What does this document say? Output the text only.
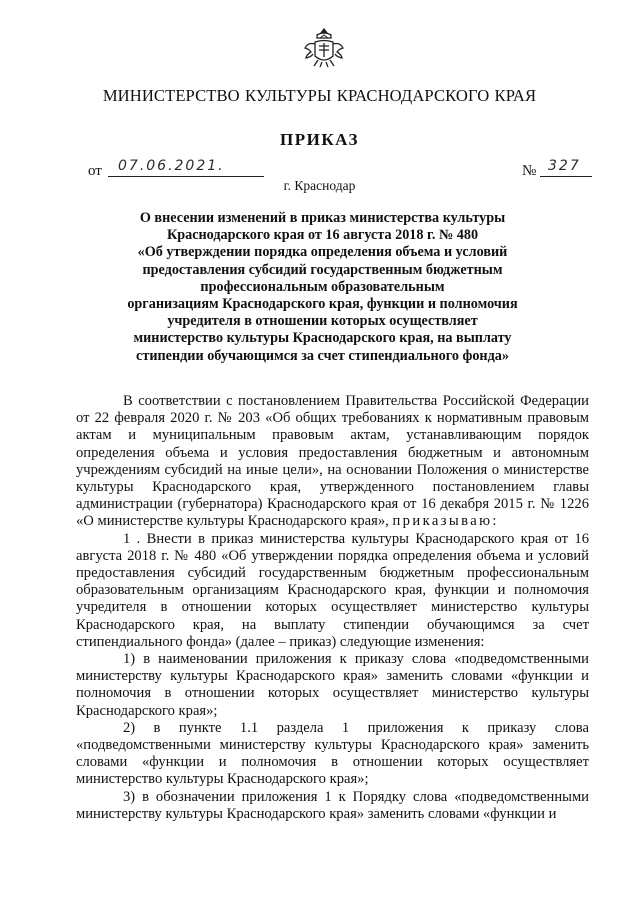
МИНИСТЕРСТВО КУЛЬТУРЫ КРАСНОДАРСКОГО КРАЯ
ПРИКАЗ
от 07.06.2021.	№ 327
г. Краснодар
О внесении изменений в приказ министерства культуры
Краснодарского края от 16 августа 2018 г. № 480
«Об утверждении порядка определения объема и условий
предоставления субсидий государственным бюджетным
профессиональным образовательным
организациям Краснодарского края, функции и полномочия
учредителя в отношении которых осуществляет
министерство культуры Краснодарского края, на выплату
стипендии обучающимся за счет стипендиального фонда»

В соответствии с постановлением Правительства Российской Федерации от 22 февраля 2020 г. № 203 «Об общих требованиях к нормативным правовым актам и муниципальным правовым актам, устанавливающим порядок определения объема и условия предоставления бюджетным и автономным учреждениям субсидий на иные цели», на основании Положения о министерстве культуры Краснодарского края, утвержденного постановлением главы администрации (губернатора) Краснодарского края от 16 декабря 2015 г. № 1226 «О министерстве культуры Краснодарского края», приказываю:

1 . Внести в приказ министерства культуры Краснодарского края от 16 августа 2018 г. № 480 «Об утверждении порядка определения объема и условий предоставления субсидий государственным бюджетным профессиональным образовательным организациям Краснодарского края, функции и полномочия учредителя в отношении которых осуществляет министерство культуры Краснодарского края, на выплату стипендии обучающимся за счет стипендиального фонда» (далее – приказ) следующие изменения:

1) в наименовании приложения к приказу слова «подведомственными министерству культуры Краснодарского края» заменить словами «функции и полномочия в отношении которых осуществляет министерство культуры Краснодарского края»;

2) в пункте 1.1 раздела 1 приложения к приказу слова «подведомственными министерству культуры Краснодарского края» заменить словами «функции и полномочия в отношении которых осуществляет министерство культуры Краснодарского края»;

3) в обозначении приложения 1 к Порядку слова «подведомственными министерству культуры Краснодарского края» заменить словами «функции и
